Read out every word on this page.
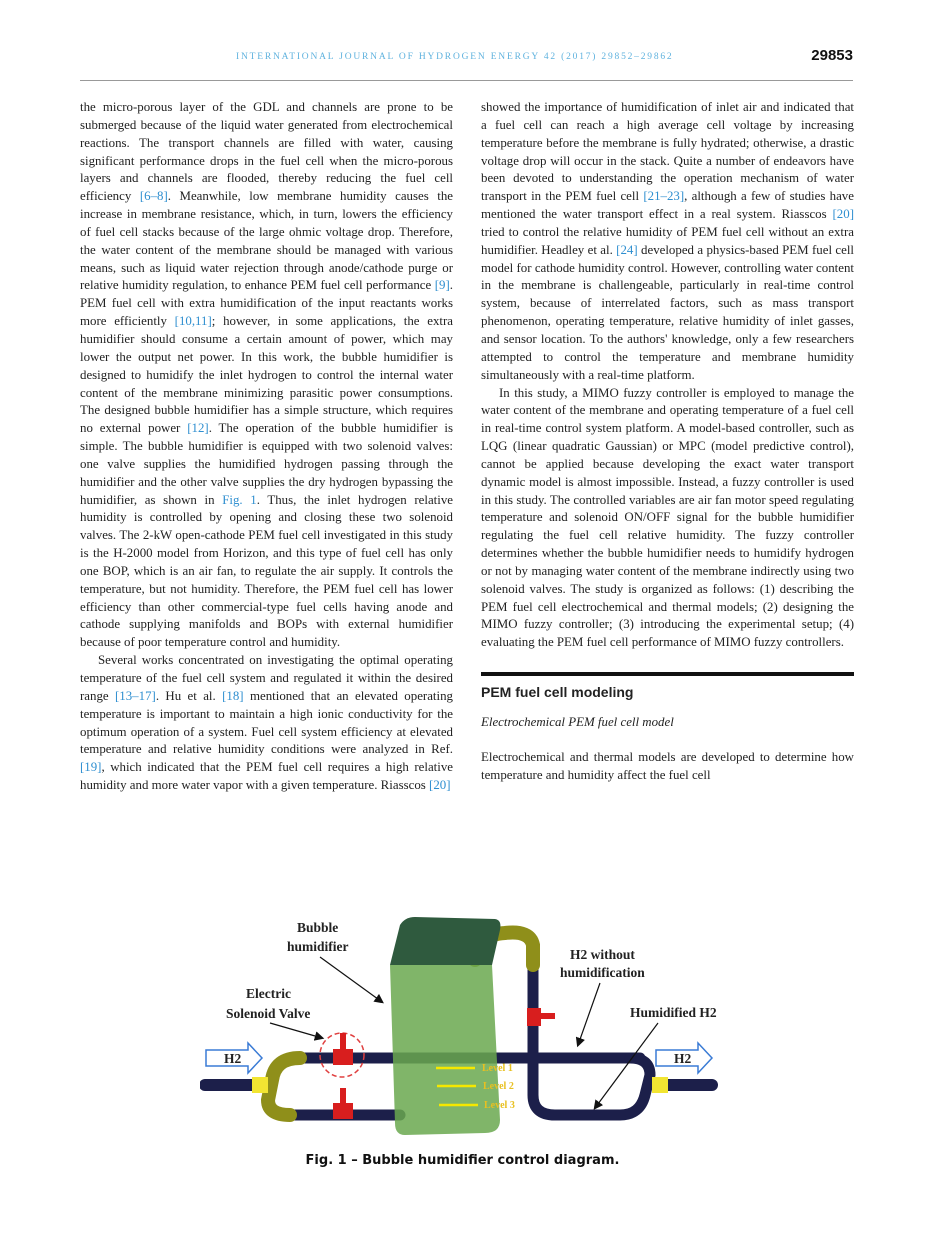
INTERNATIONAL JOURNAL OF HYDROGEN ENERGY 42 (2017) 29852–29862	29853

the micro-porous layer of the GDL and channels are prone to be submerged because of the liquid water generated from electrochemical reactions. The transport channels are filled with water, causing significant performance drops in the fuel cell when the micro-porous layers and channels are flooded, thereby reducing the fuel cell efficiency [6–8]. Meanwhile, low membrane humidity causes the increase in membrane resistance, which, in turn, lowers the efficiency of fuel cell stacks because of the large ohmic voltage drop. Therefore, the water content of the membrane should be managed with various means, such as liquid water rejection through anode/cathode purge or relative humidity regulation, to enhance PEM fuel cell performance [9]. PEM fuel cell with extra humidification of the input reactants works more efficiently [10,11]; however, in some applications, the extra humidifier should consume a certain amount of power, which may lower the output net power. In this work, the bubble humidifier is designed to humidify the inlet hydrogen to control the internal water content of the membrane minimizing parasitic power consumptions. The designed bubble humidifier has a simple structure, which requires no external power [12]. The operation of the bubble humidifier is simple. The bubble humidifier is equipped with two solenoid valves: one valve supplies the humidified hydrogen passing through the humidifier and the other valve supplies the dry hydrogen bypassing the humidifier, as shown in Fig. 1. Thus, the inlet hydrogen relative humidity is controlled by opening and closing these two solenoid valves. The 2-kW open-cathode PEM fuel cell investigated in this study is the H-2000 model from Horizon, and this type of fuel cell has only one BOP, which is an air fan, to regulate the air supply. It controls the temperature, but not humidity. Therefore, the PEM fuel cell has lower efficiency than other commercial-type fuel cells having anode and cathode supplying manifolds and BOPs with external humidifier because of poor temperature control and humidity.

Several works concentrated on investigating the optimal operating temperature of the fuel cell system and regulated it within the desired range [13–17]. Hu et al. [18] mentioned that an elevated operating temperature is important to maintain a high ionic conductivity for the optimum operation of a system. Fuel cell system efficiency at elevated temperature and relative humidity conditions were analyzed in Ref. [19], which indicated that the PEM fuel cell requires a high relative humidity and more water vapor with a given temperature. Riasscos [20]

showed the importance of humidification of inlet air and indicated that a fuel cell can reach a high average cell voltage by increasing temperature before the membrane is fully hydrated; otherwise, a drastic voltage drop will occur in the stack. Quite a number of endeavors have been devoted to understanding the operation mechanism of water transport in the PEM fuel cell [21–23], although a few of studies have mentioned the water transport effect in a real system. Riasscos [20] tried to control the relative humidity of PEM fuel cell without an extra humidifier. Headley et al. [24] developed a physics-based PEM fuel cell model for cathode humidity control. However, controlling water content in the membrane is challengeable, particularly in real-time control system, because of interrelated factors, such as mass transport phenomenon, operating temperature, relative humidity of inlet gasses, and sensor location. To the authors' knowledge, only a few researchers attempted to control the temperature and membrane humidity simultaneously with a real-time platform.

In this study, a MIMO fuzzy controller is employed to manage the water content of the membrane and operating temperature of a fuel cell in real-time control system platform. A model-based controller, such as LQG (linear quadratic Gaussian) or MPC (model predictive control), cannot be applied because developing the exact water transport dynamic model is almost impossible. Instead, a fuzzy controller is used in this study. The controlled variables are air fan motor speed regulating temperature and solenoid ON/OFF signal for the bubble humidifier regulating the fuel cell relative humidity. The fuzzy controller determines whether the bubble humidifier needs to humidify hydrogen or not by managing water content of the membrane indirectly using two solenoid valves. The study is organized as follows: (1) describing the PEM fuel cell electrochemical and thermal models; (2) designing the MIMO fuzzy controller; (3) introducing the experimental setup; (4) evaluating the PEM fuel cell performance of MIMO fuzzy controllers.

PEM fuel cell modeling
Electrochemical PEM fuel cell model

Electrochemical and thermal models are developed to determine how temperature and humidity affect the fuel cell

Level 1
Level 2
Level 3
H2	H2
Bubble
humidifier
Electric
Solenoid Valve
H2 without
humidification
Humidified H2
Fig. 1 – Bubble humidifier control diagram.
